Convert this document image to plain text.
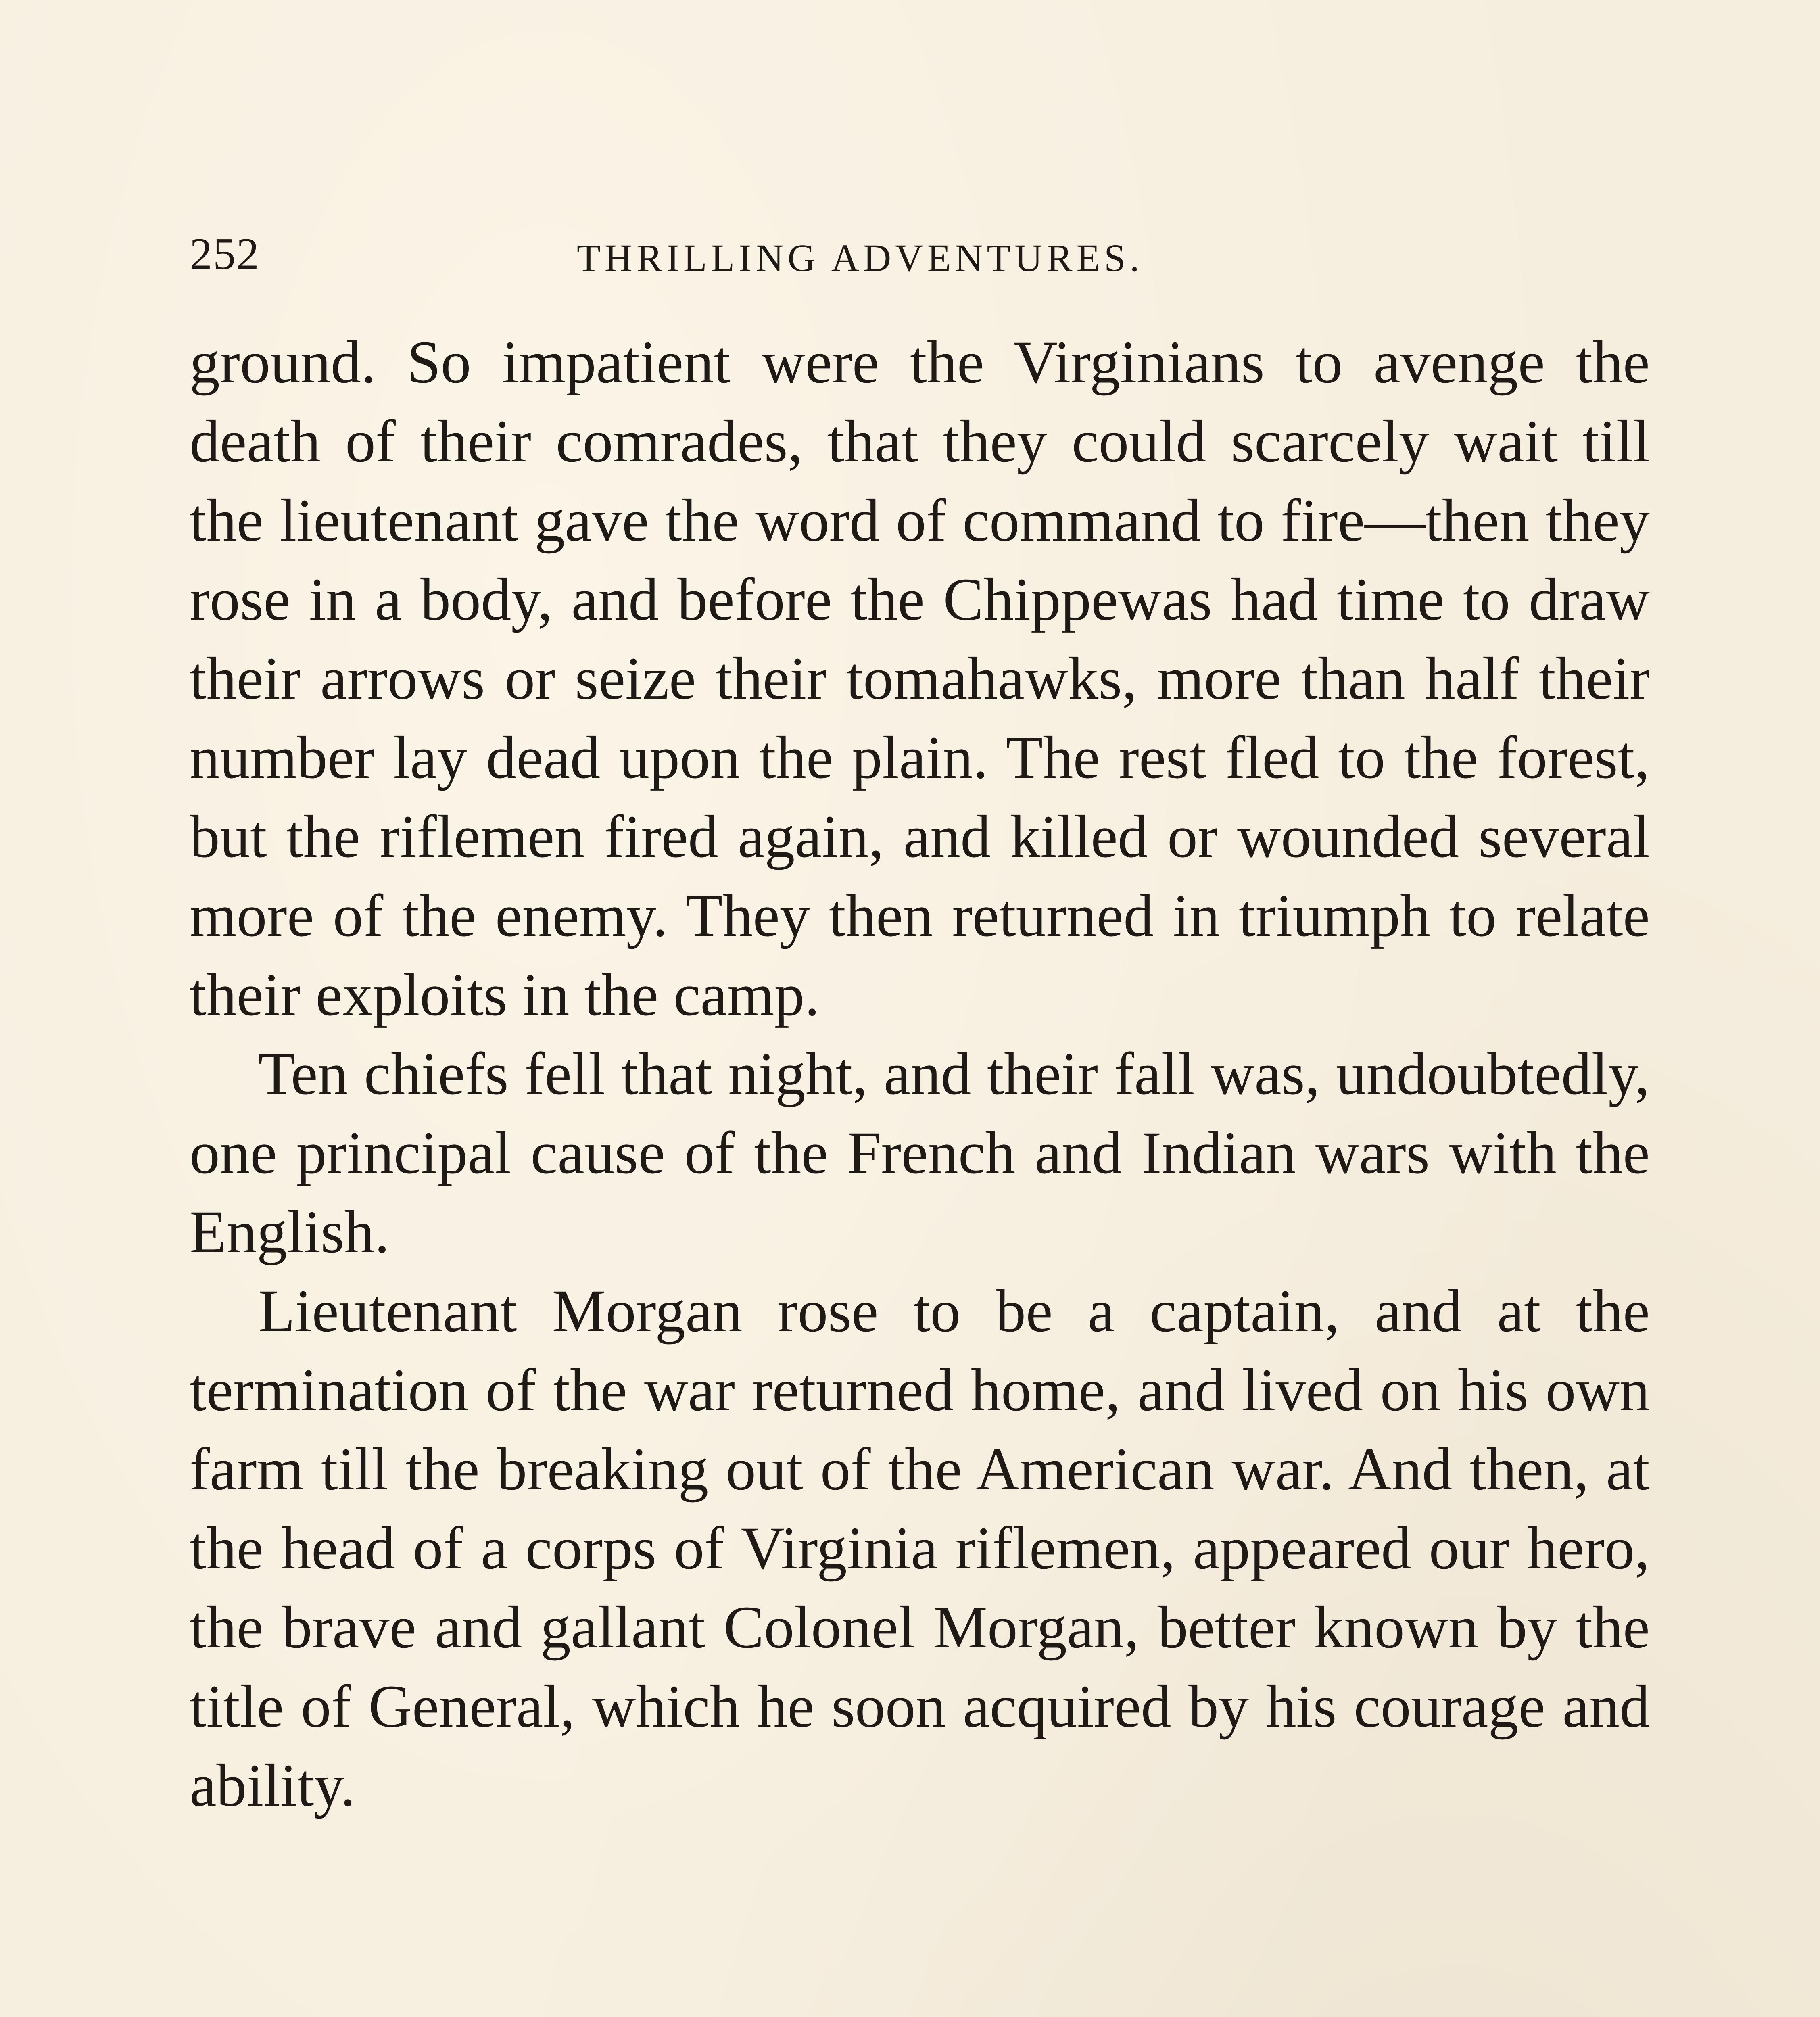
252	THRILLING ADVENTURES.

ground. So impatient were the Virginians to avenge the death of their comrades, that they could scarcely wait till the lieutenant gave the word of command to fire—then they rose in a body, and before the Chippewas had time to draw their arrows or seize their tomahawks, more than half their number lay dead upon the plain. The rest fled to the forest, but the riflemen fired again, and killed or wounded several more of the enemy. They then returned in triumph to relate their exploits in the camp.

Ten chiefs fell that night, and their fall was, undoubtedly, one principal cause of the French and Indian wars with the English.

Lieutenant Morgan rose to be a captain, and at the termination of the war returned home, and lived on his own farm till the breaking out of the American war. And then, at the head of a corps of Virginia riflemen, appeared our hero, the brave and gallant Colonel Morgan, better known by the title of General, which he soon acquired by his courage and ability.
